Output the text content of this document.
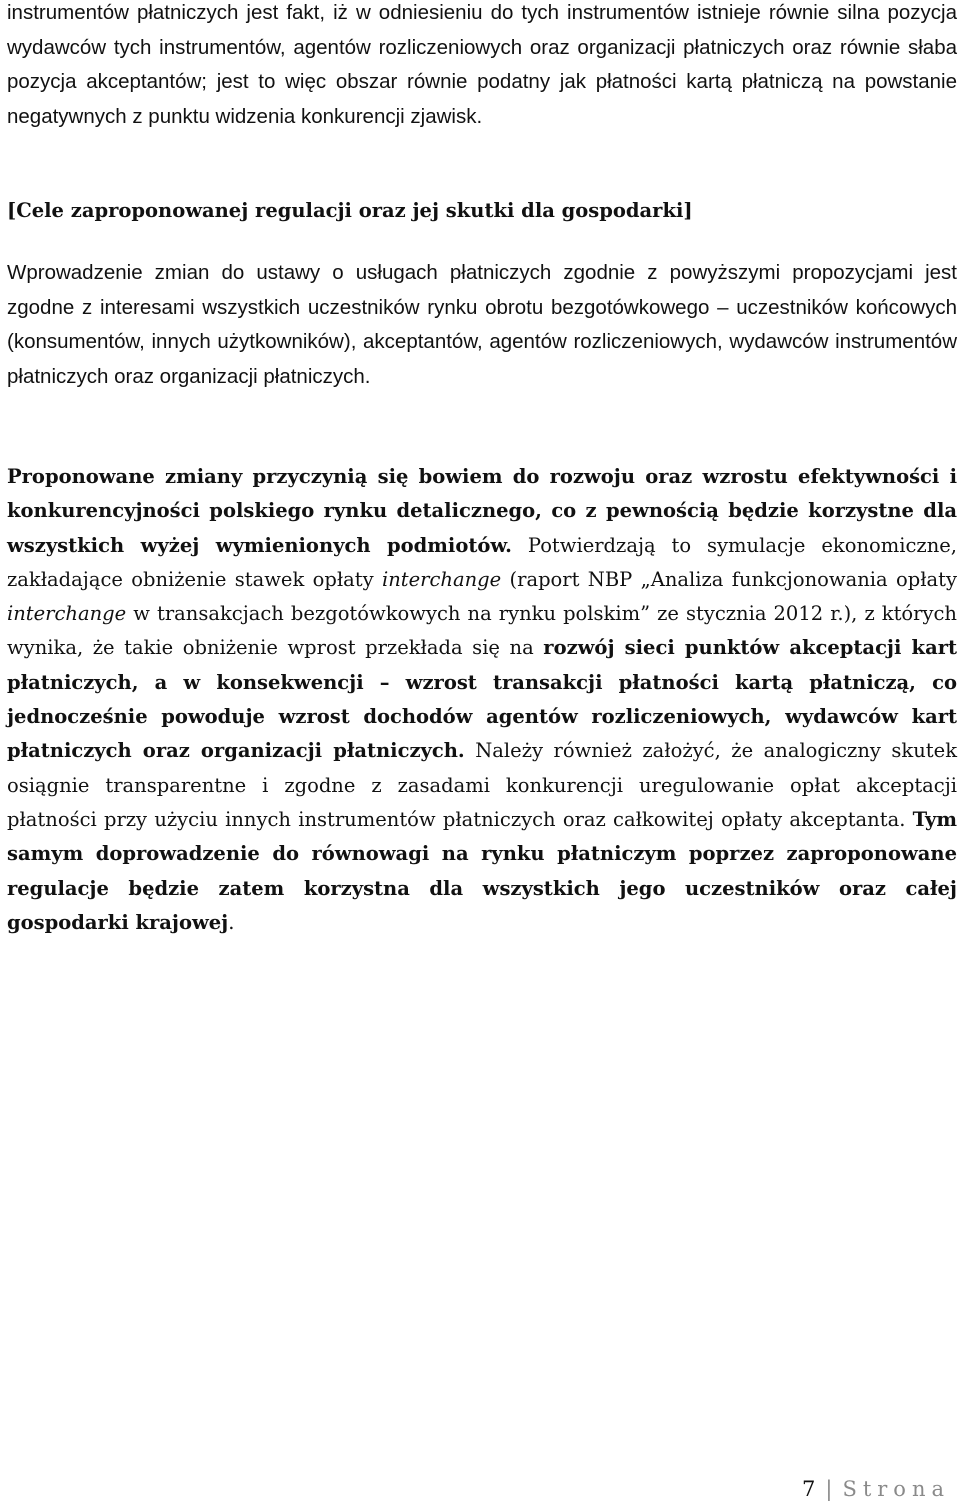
instrumentów płatniczych jest fakt, iż w odniesieniu do tych instrumentów istnieje równie silna pozycja wydawców tych instrumentów, agentów rozliczeniowych oraz organizacji płatniczych oraz równie słaba pozycja akceptantów; jest to więc obszar równie podatny jak płatności kartą płatniczą na powstanie negatywnych z punktu widzenia konkurencji zjawisk.

[Cele zaproponowanej regulacji oraz jej skutki dla gospodarki]

Wprowadzenie zmian do ustawy o usługach płatniczych zgodnie z powyższymi propozycjami jest zgodne z interesami wszystkich uczestników rynku obrotu bezgotówkowego – uczestników końcowych (konsumentów, innych użytkowników), akceptantów, agentów rozliczeniowych, wydawców instrumentów płatniczych oraz organizacji płatniczych.

Proponowane zmiany przyczynią się bowiem do rozwoju oraz wzrostu efektywności i konkurencyjności polskiego rynku detalicznego, co z pewnością będzie korzystne dla wszystkich wyżej wymienionych podmiotów. Potwierdzają to symulacje ekonomiczne, zakładające obniżenie stawek opłaty interchange (raport NBP „Analiza funkcjonowania opłaty interchange w transakcjach bezgotówkowych na rynku polskim” ze stycznia 2012 r.), z których wynika, że takie obniżenie wprost przekłada się na rozwój sieci punktów akceptacji kart płatniczych, a w konsekwencji – wzrost transakcji płatności kartą płatniczą, co jednocześnie powoduje wzrost dochodów agentów rozliczeniowych, wydawców kart płatniczych oraz organizacji płatniczych. Należy również założyć, że analogiczny skutek osiągnie transparentne i zgodne z zasadami konkurencji uregulowanie opłat akceptacji płatności przy użyciu innych instrumentów płatniczych oraz całkowitej opłaty akceptanta. Tym samym doprowadzenie do równowagi na rynku płatniczym poprzez zaproponowane regulacje będzie zatem korzystna dla wszystkich jego uczestników oraz całej gospodarki krajowej.

7 | Strona
